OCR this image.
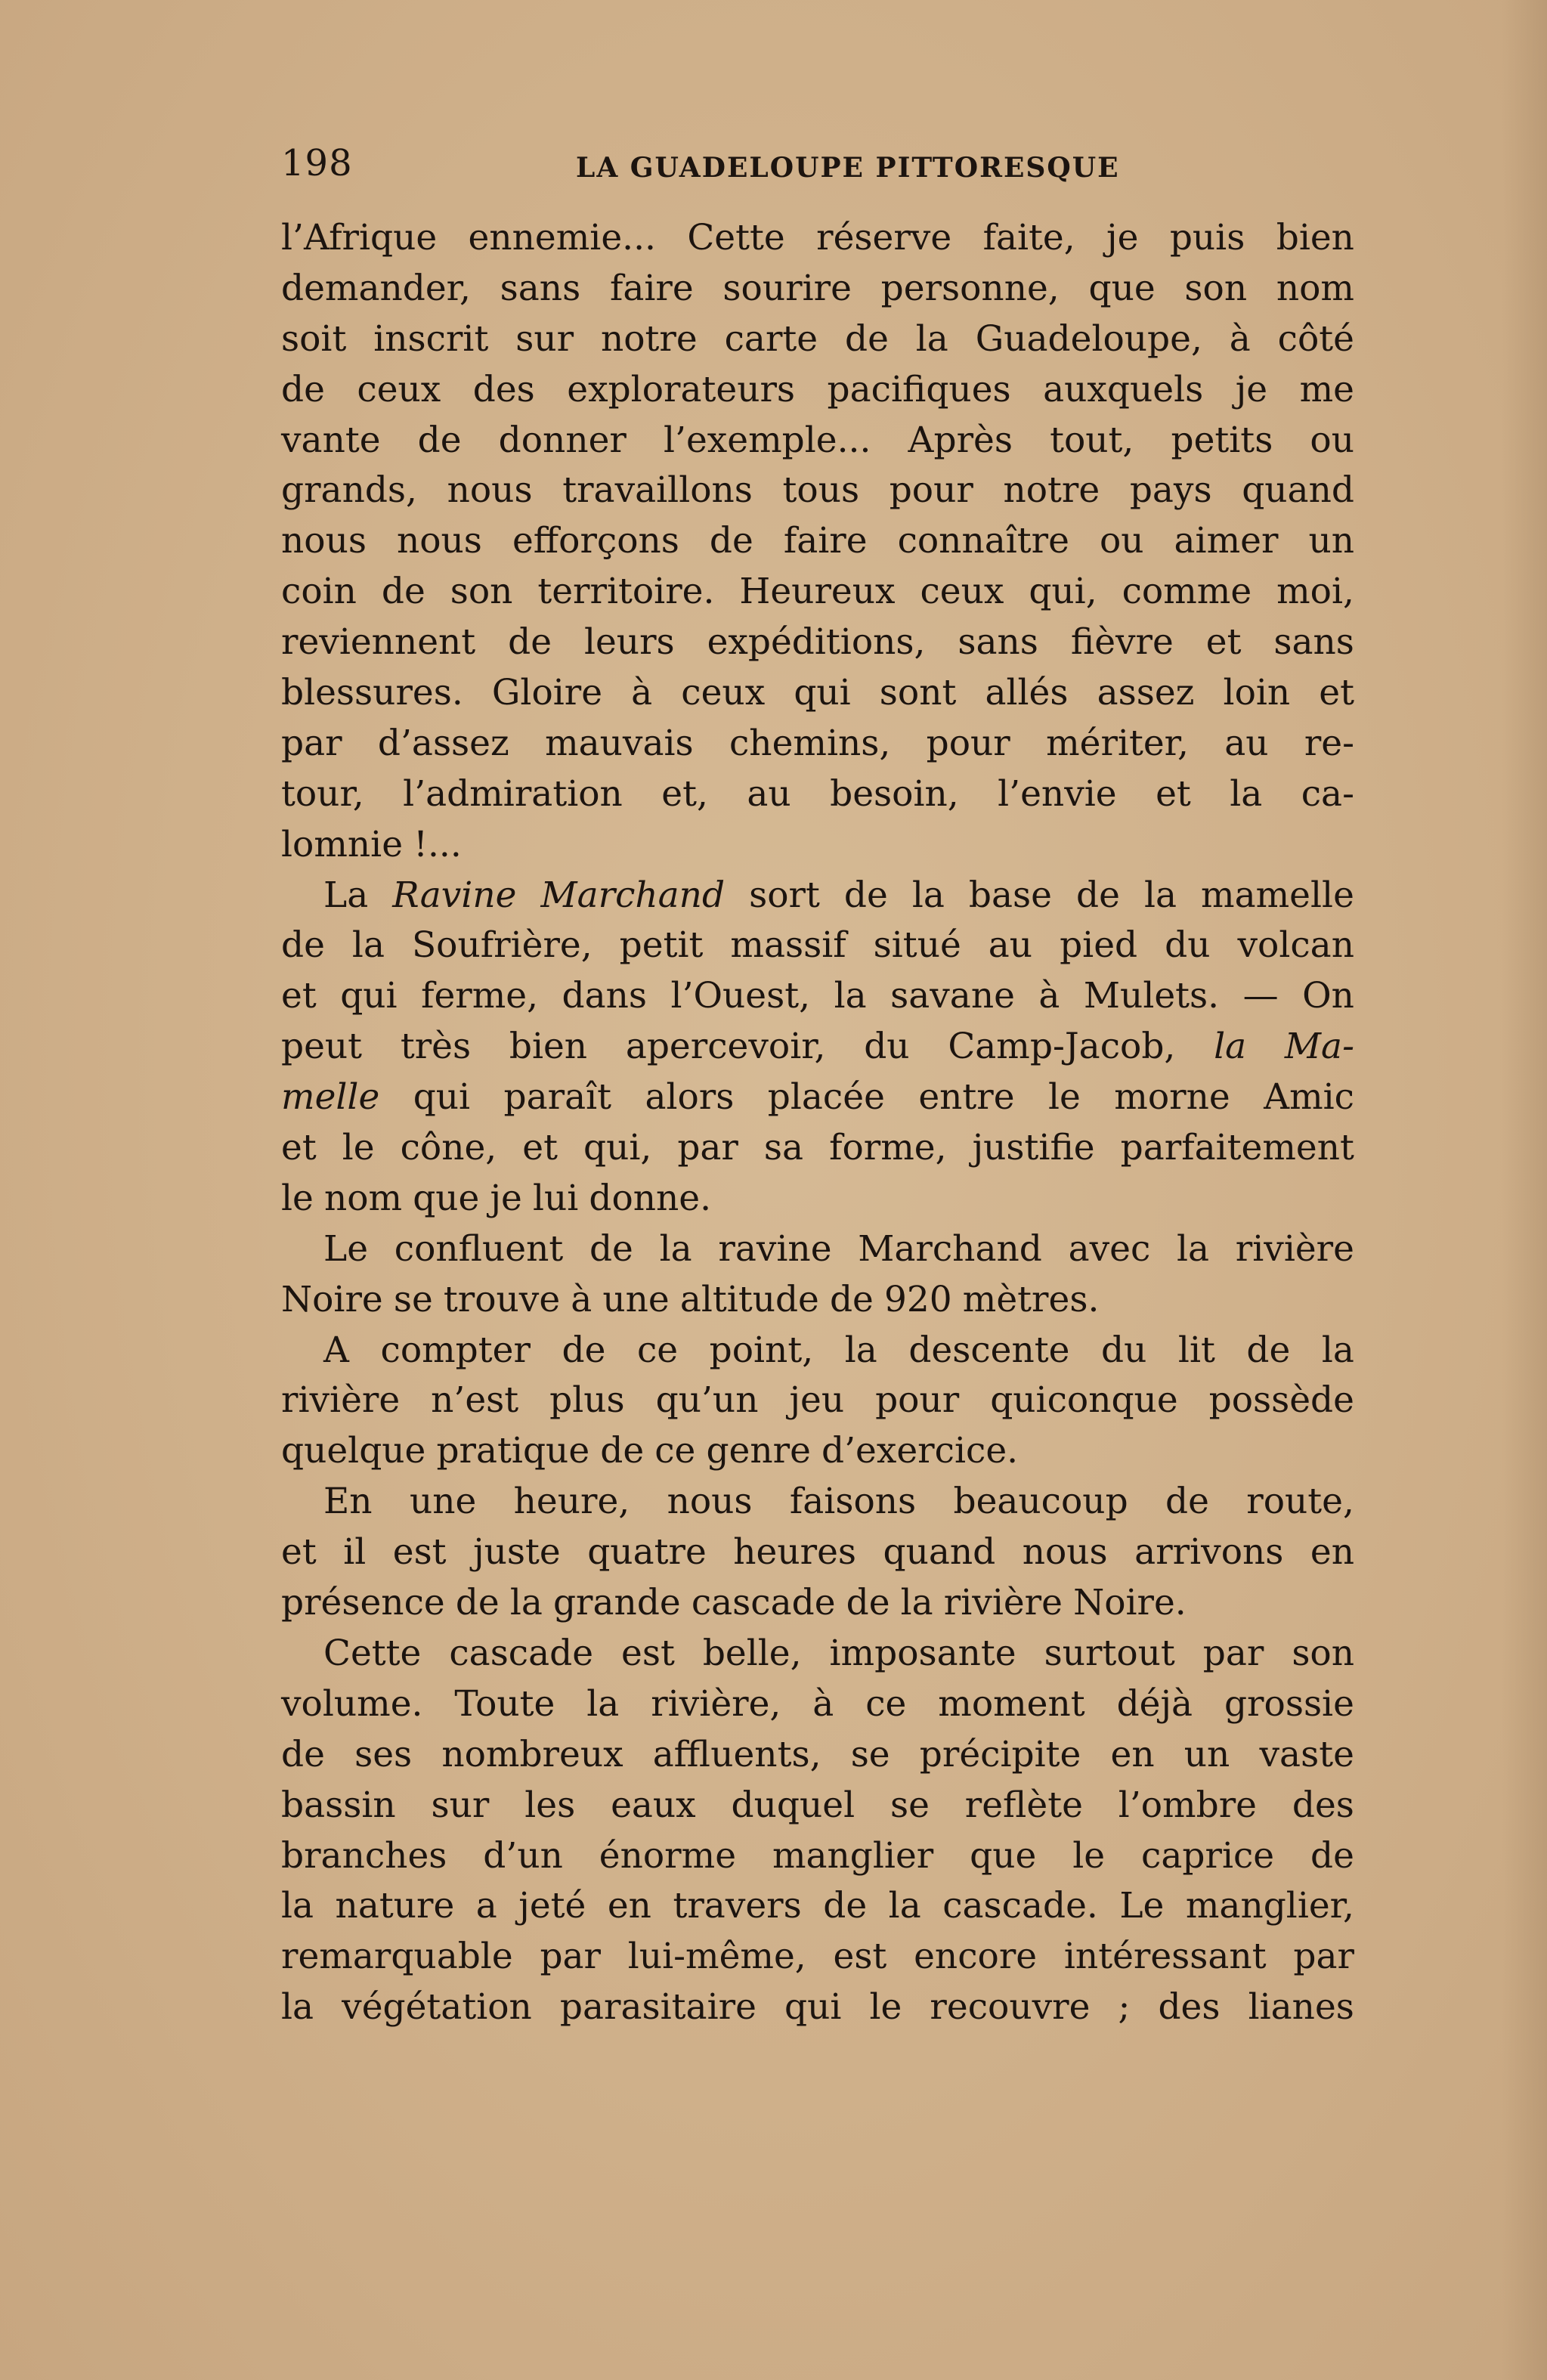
198	LA GUADELOUPE PITTORESQUE
l’Afrique ennemie... Cette réserve faite, je puis bien
demander, sans faire sourire personne, que son nom
soit inscrit sur notre carte de la Guadeloupe, à côté
de ceux des explorateurs pacifiques auxquels je me
vante de donner l’exemple... Après tout, petits ou
grands, nous travaillons tous pour notre pays quand
nous nous efforçons de faire connaître ou aimer un
coin de son territoire. Heureux ceux qui, comme moi,
reviennent de leurs expéditions, sans fièvre et sans
blessures. Gloire à ceux qui sont allés assez loin et
par d’assez mauvais chemins, pour mériter, au re-
tour, l’admiration et, au besoin, l’envie et la ca-
lomnie !...
La Ravine Marchand sort de la base de la mamelle
de la Soufrière, petit massif situé au pied du volcan
et qui ferme, dans l’Ouest, la savane à Mulets. — On
peut très bien apercevoir, du Camp-Jacob, la Ma-
melle qui paraît alors placée entre le morne Amic
et le cône, et qui, par sa forme, justifie parfaitement
le nom que je lui donne.
Le confluent de la ravine Marchand avec la rivière
Noire se trouve à une altitude de 920 mètres.
A compter de ce point, la descente du lit de la
rivière n’est plus qu’un jeu pour quiconque possède
quelque pratique de ce genre d’exercice.
En une heure, nous faisons beaucoup de route,
et il est juste quatre heures quand nous arrivons en
présence de la grande cascade de la rivière Noire.
Cette cascade est belle, imposante surtout par son
volume. Toute la rivière, à ce moment déjà grossie
de ses nombreux affluents, se précipite en un vaste
bassin sur les eaux duquel se reflète l’ombre des
branches d’un énorme manglier que le caprice de
la nature a jeté en travers de la cascade. Le manglier,
remarquable par lui-même, est encore intéressant par
la végétation parasitaire qui le recouvre ; des lianes
